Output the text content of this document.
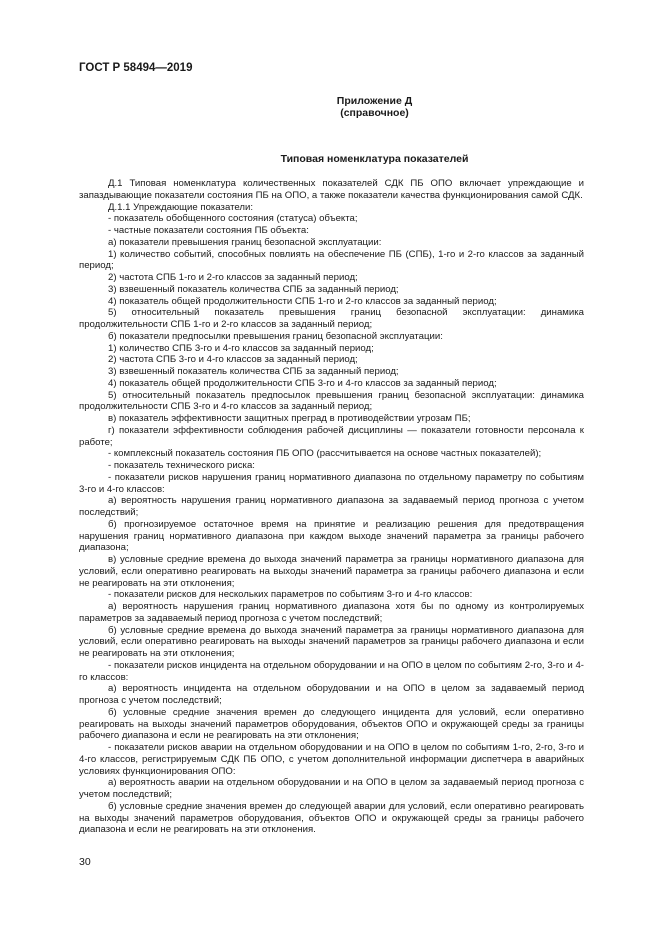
ГОСТ Р 58494—2019
Приложение Д
(справочное)
Типовая номенклатура показателей

Д.1 Типовая номенклатура количественных показателей СДК ПБ ОПО включает упреждающие и запаздывающие показатели состояния ПБ на ОПО, а также показатели качества функционирования самой СДК.

Д.1.1 Упреждающие показатели:

- показатель обобщенного состояния (статуса) объекта;

- частные показатели состояния ПБ объекта:

а) показатели превышения границ безопасной эксплуатации:

1) количество событий, способных повлиять на обеспечение ПБ (СПБ), 1-го и 2-го классов за заданный период;

2) частота СПБ 1-го и 2-го классов за заданный период;

3) взвешенный показатель количества СПБ за заданный период;

4) показатель общей продолжительности СПБ 1-го и 2-го классов за заданный период;

5) относительный показатель превышения границ безопасной эксплуатации: динамика продолжительности СПБ 1-го и 2-го классов за заданный период;

б) показатели предпосылки превышения границ безопасной эксплуатации:

1) количество СПБ 3-го и 4-го классов за заданный период;

2) частота СПБ 3-го и 4-го классов за заданный период;

3) взвешенный показатель количества СПБ за заданный период;

4) показатель общей продолжительности СПБ 3-го и 4-го классов за заданный период;

5) относительный показатель предпосылок превышения границ безопасной эксплуатации: динамика продолжительности СПБ 3-го и 4-го классов за заданный период;

в) показатель эффективности защитных преград в противодействии угрозам ПБ;

г) показатели эффективности соблюдения рабочей дисциплины — показатели готовности персонала к работе;

- комплексный показатель состояния ПБ ОПО (рассчитывается на основе частных показателей);

- показатель технического риска:

- показатели рисков нарушения границ нормативного диапазона по отдельному параметру по событиям 3-го и 4-го классов:

а) вероятность нарушения границ нормативного диапазона за задаваемый период прогноза с учетом последствий;

б) прогнозируемое остаточное время на принятие и реализацию решения для предотвращения нарушения границ нормативного диапазона при каждом выходе значений параметра за границы рабочего диапазона;

в) условные средние времена до выхода значений параметра за границы нормативного диапазона для условий, если оперативно реагировать на выходы значений параметра за границы рабочего диапазона и если не реагировать на эти отклонения;

- показатели рисков для нескольких параметров по событиям 3-го и 4-го классов:

а) вероятность нарушения границ нормативного диапазона хотя бы по одному из контролируемых параметров за задаваемый период прогноза с учетом последствий;

б) условные средние времена до выхода значений параметра за границы нормативного диапазона для условий, если оперативно реагировать на выходы значений параметров за границы рабочего диапазона и если не реагировать на эти отклонения;

- показатели рисков инцидента на отдельном оборудовании и на ОПО в целом по событиям 2-го, 3-го и 4-го классов:

а) вероятность инцидента на отдельном оборудовании и на ОПО в целом за задаваемый период прогноза с учетом последствий;

б) условные средние значения времен до следующего инцидента для условий, если оперативно реагировать на выходы значений параметров оборудования, объектов ОПО и окружающей среды за границы рабочего диапазона и если не реагировать на эти отклонения;

- показатели рисков аварии на отдельном оборудовании и на ОПО в целом по событиям 1-го, 2-го, 3-го и 4-го классов, регистрируемым СДК ПБ ОПО, с учетом дополнительной информации диспетчера в аварийных условиях функционирования ОПО:

а) вероятность аварии на отдельном оборудовании и на ОПО в целом за задаваемый период прогноза с учетом последствий;

б) условные средние значения времен до следующей аварии для условий, если оперативно реагировать на выходы значений параметров оборудования, объектов ОПО и окружающей среды за границы рабочего диапазона и если не реагировать на эти отклонения.

30
